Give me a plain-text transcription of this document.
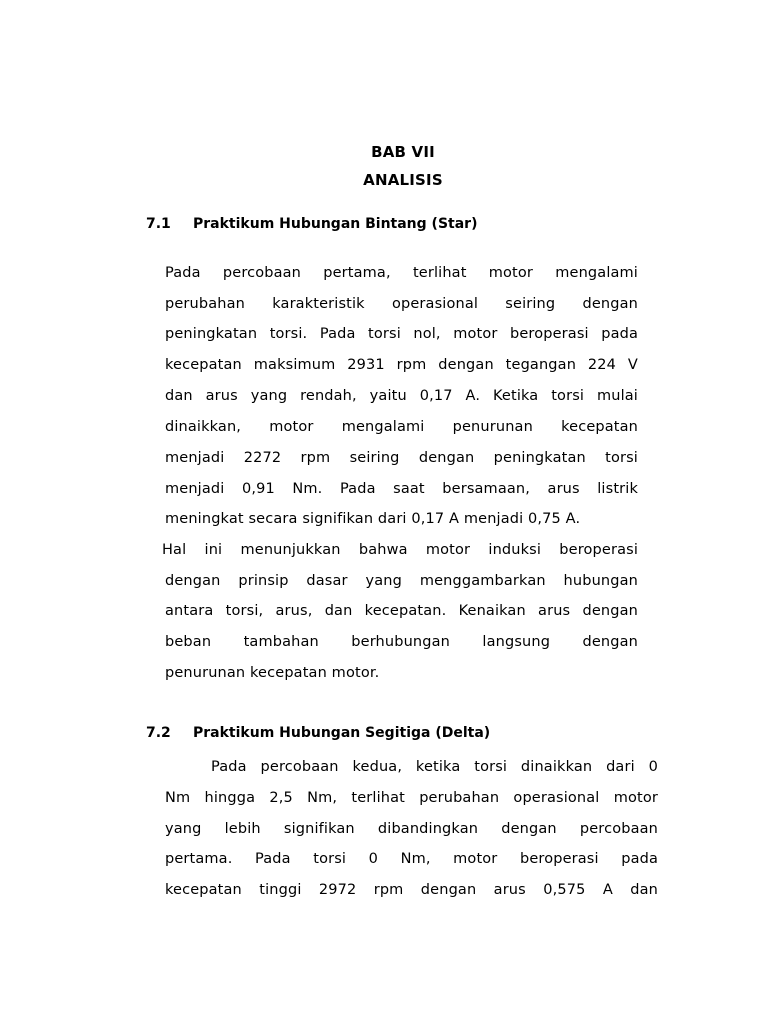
BAB VII
ANALISIS
7.1 Praktikum Hubungan Bintang (Star)
Pada percobaan pertama, terlihat motor mengalami
perubahan karakteristik operasional seiring dengan
peningkatan torsi. Pada torsi nol, motor beroperasi pada
kecepatan maksimum 2931 rpm dengan tegangan 224 V
dan arus yang rendah, yaitu 0,17 A. Ketika torsi mulai
dinaikkan, motor mengalami penurunan kecepatan
menjadi 2272 rpm seiring dengan peningkatan torsi
menjadi 0,91 Nm. Pada saat bersamaan, arus listrik
meningkat secara signifikan dari 0,17 A menjadi 0,75 A.
Hal ini menunjukkan bahwa motor induksi beroperasi
dengan prinsip dasar yang menggambarkan hubungan
antara torsi, arus, dan kecepatan. Kenaikan arus dengan
beban tambahan berhubungan langsung dengan
penurunan kecepatan motor.
7.2 Praktikum Hubungan Segitiga (Delta)
Pada percobaan kedua, ketika torsi dinaikkan dari 0
Nm hingga 2,5 Nm, terlihat perubahan operasional motor
yang lebih signifikan dibandingkan dengan percobaan
pertama. Pada torsi 0 Nm, motor beroperasi pada
kecepatan tinggi 2972 rpm dengan arus 0,575 A dan
